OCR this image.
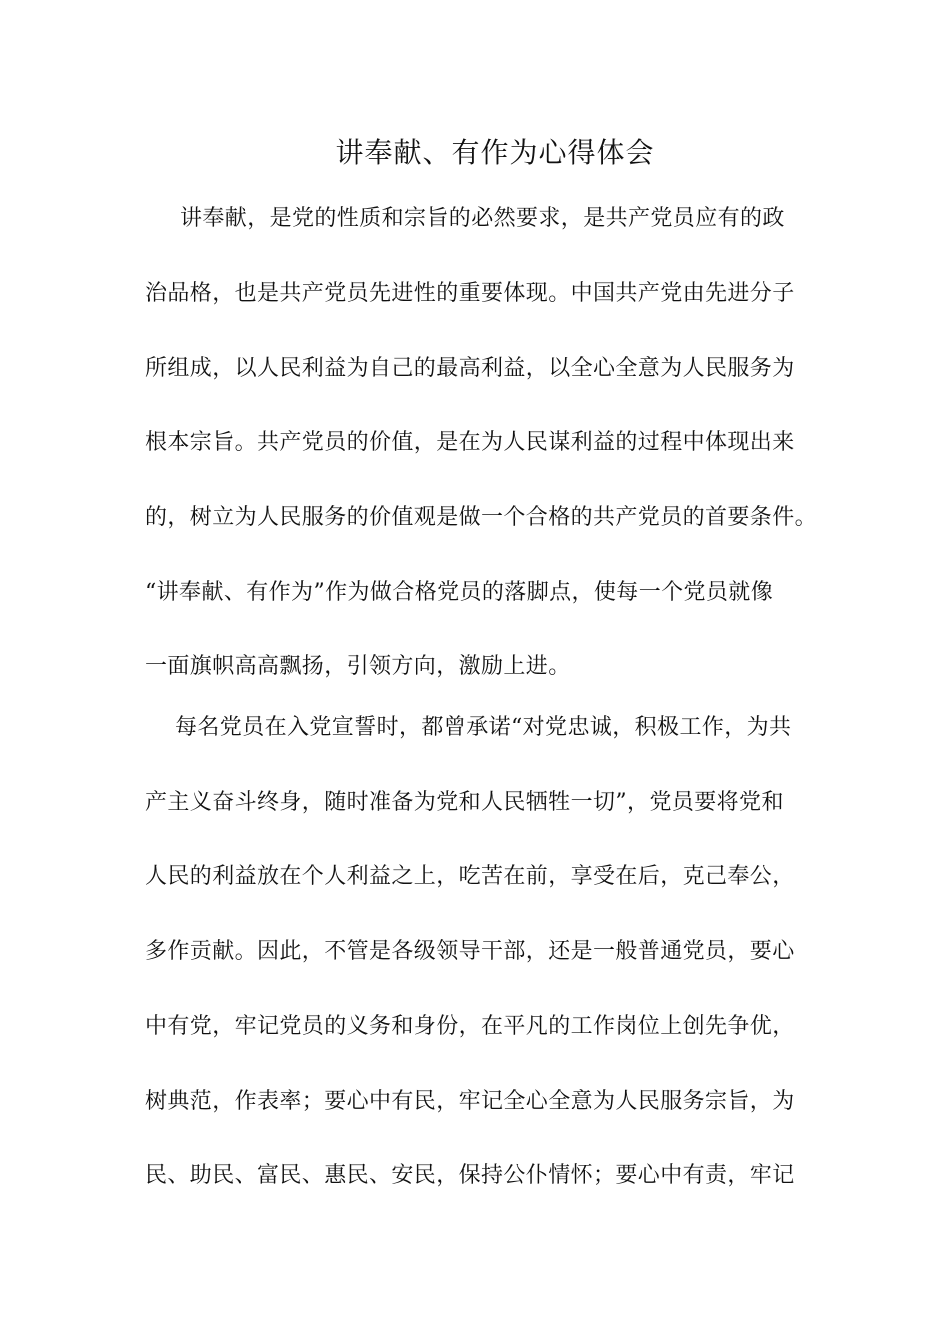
讲奉献、有作为心得体会
讲奉献，是党的性质和宗旨的必然要求，是共产党员应有的政
治品格，也是共产党员先进性的重要体现。中国共产党由先进分子
所组成，以人民利益为自己的最高利益，以全心全意为人民服务为
根本宗旨。共产党员的价值，是在为人民谋利益的过程中体现出来
的，树立为人民服务的价值观是做一个合格的共产党员的首要条件。
“讲奉献、有作为”作为做合格党员的落脚点，使每一个党员就像
一面旗帜高高飘扬，引领方向，激励上进。
每名党员在入党宣誓时，都曾承诺“对党忠诚，积极工作，为共
产主义奋斗终身，随时准备为党和人民牺牲一切”，党员要将党和
人民的利益放在个人利益之上，吃苦在前，享受在后，克己奉公，
多作贡献。因此，不管是各级领导干部，还是一般普通党员，要心
中有党，牢记党员的义务和身份，在平凡的工作岗位上创先争优，
树典范，作表率；要心中有民，牢记全心全意为人民服务宗旨，为
民、助民、富民、惠民、安民，保持公仆情怀；要心中有责，牢记
